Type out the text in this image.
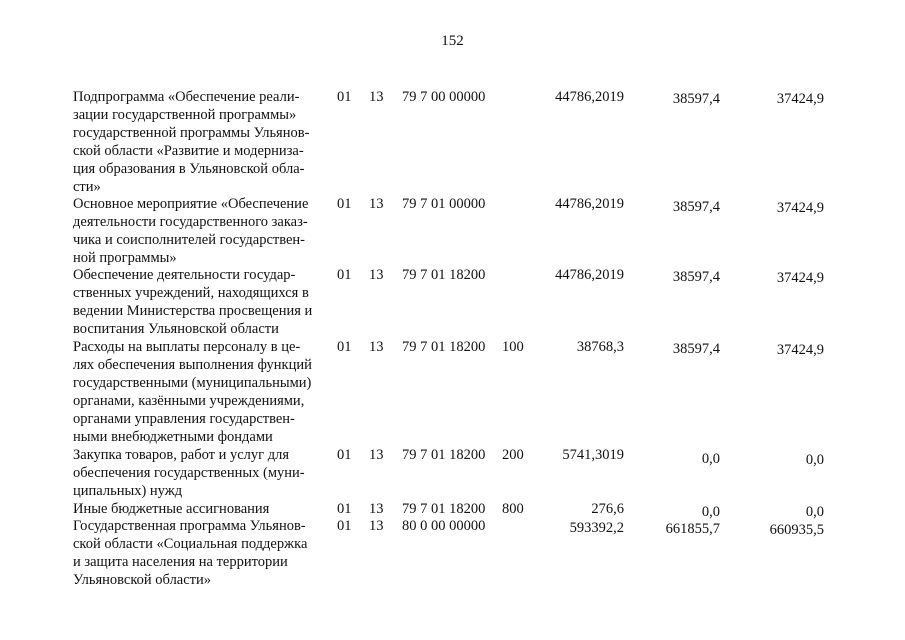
152
Подпрограмма «Обеспечение реали-
зации государственной программы»
государственной программы Ульянов-
ской области «Развитие и модерниза-
ция образования в Ульяновской обла-
сти»
01 13 79 7 00 00000	44786,2019	38597,4	37424,9
Основное мероприятие «Обеспечение
деятельности государственного заказ-
чика и соисполнителей государствен-
ной программы»
01 13 79 7 01 00000	44786,2019	38597,4	37424,9
Обеспечение деятельности государ-
ственных учреждений, находящихся в
ведении Министерства просвещения и
воспитания Ульяновской области
01 13 79 7 01 18200	44786,2019	38597,4	37424,9
Расходы на выплаты персоналу в це-
лях обеспечения выполнения функций
государственными (муниципальными)
органами, казёнными учреждениями,
органами управления государствен-
ными внебюджетными фондами
01 13 79 7 01 18200 100	38768,3	38597,4	37424,9
Закупка товаров, работ и услуг для
обеспечения государственных (муни-
ципальных) нужд
01 13 79 7 01 18200 200	5741,3019	0,0	0,0
Иные бюджетные ассигнования	01 13 79 7 01 18200 800	276,6	0,0	0,0
Государственная программа Ульянов-
ской области «Социальная поддержка
и защита населения на территории
Ульяновской области»
01 13 80 0 00 00000	593392,2	661855,7	660935,5
